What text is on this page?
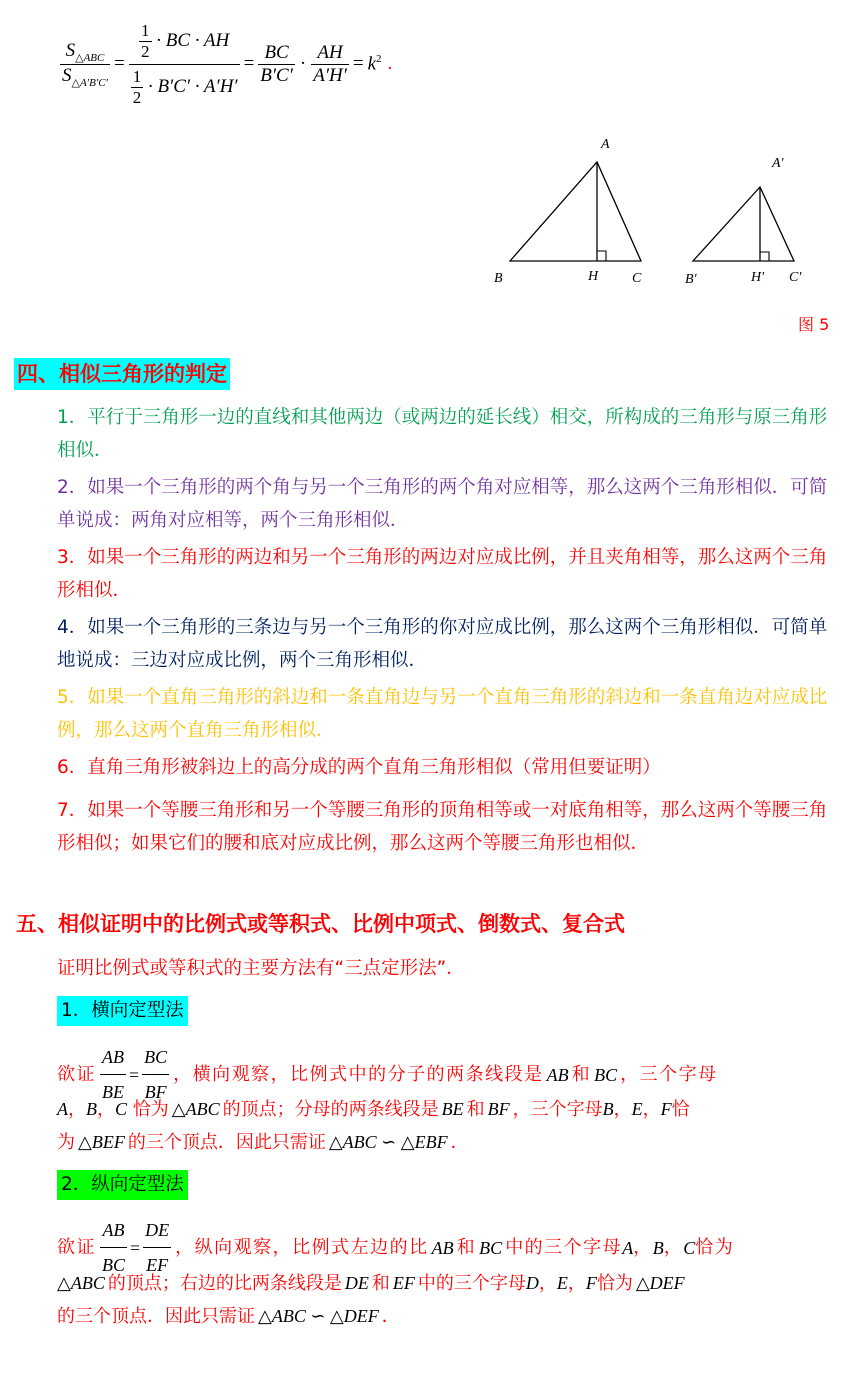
$\frac{S_{\triangle ABC}}{S_{\triangle A'B'C'}} = \frac{\frac{1}{2} \cdot BC \cdot AH}{\frac{1}{2} \cdot B'C' \cdot A'H'} = \frac{BC}{B'C'} \cdot \frac{AH}{A'H'} = k^2$ .
A
B	H C
A′
B′	H′ C′
图 5
四、相似三角形的判定
1．平行于三角形一边的直线和其他两边（或两边的延长线）相交，所构成的三角形与原三角形相似．
2．如果一个三角形的两个角与另一个三角形的两个角对应相等，那么这两个三角形相似．可简单说成：两角对应相等，两个三角形相似．
3．如果一个三角形的两边和另一个三角形的两边对应成比例，并且夹角相等，那么这两个三角形相似．
4．如果一个三角形的三条边与另一个三角形的你对应成比例，那么这两个三角形相似．可简单地说成：三边对应成比例，两个三角形相似．
5．如果一个直角三角形的斜边和一条直角边与另一个直角三角形的斜边和一条直角边对应成比例，那么这两个直角三角形相似．
6．直角三角形被斜边上的高分成的两个直角三角形相似（常用但要证明）
7．如果一个等腰三角形和另一个等腰三角形的顶角相等或一对底角相等，那么这两个等腰三角形相似；如果它们的腰和底对应成比例，那么这两个等腰三角形也相似．
五、相似证明中的比例式或等积式、比例中项式、倒数式、复合式
证明比例式或等积式的主要方法有“三点定形法”．
1．横向定型法
欲证 $\frac{AB}{BE} = \frac{BC}{BF}$ ，横向观察，比例式中的分子的两条线段是 AB 和 BC ，三个字母
A，B，C 恰为 △ABC 的顶点；分母的两条线段是 BE 和 BF ，三个字母B，E，F恰
为 △BEF 的三个顶点．因此只需证 △ABC ∽ △EBF ．
2．纵向定型法
欲证 $\frac{AB}{BC} = \frac{DE}{EF}$ ，纵向观察，比例式左边的比 AB 和 BC 中的三个字母 A ， B ， C 恰为
△ABC 的顶点；右边的比两条线段是 DE 和 EF 中的三个字母D，E，F恰为 △DEF
的三个顶点．因此只需证 △ABC ∽ △DEF ．
